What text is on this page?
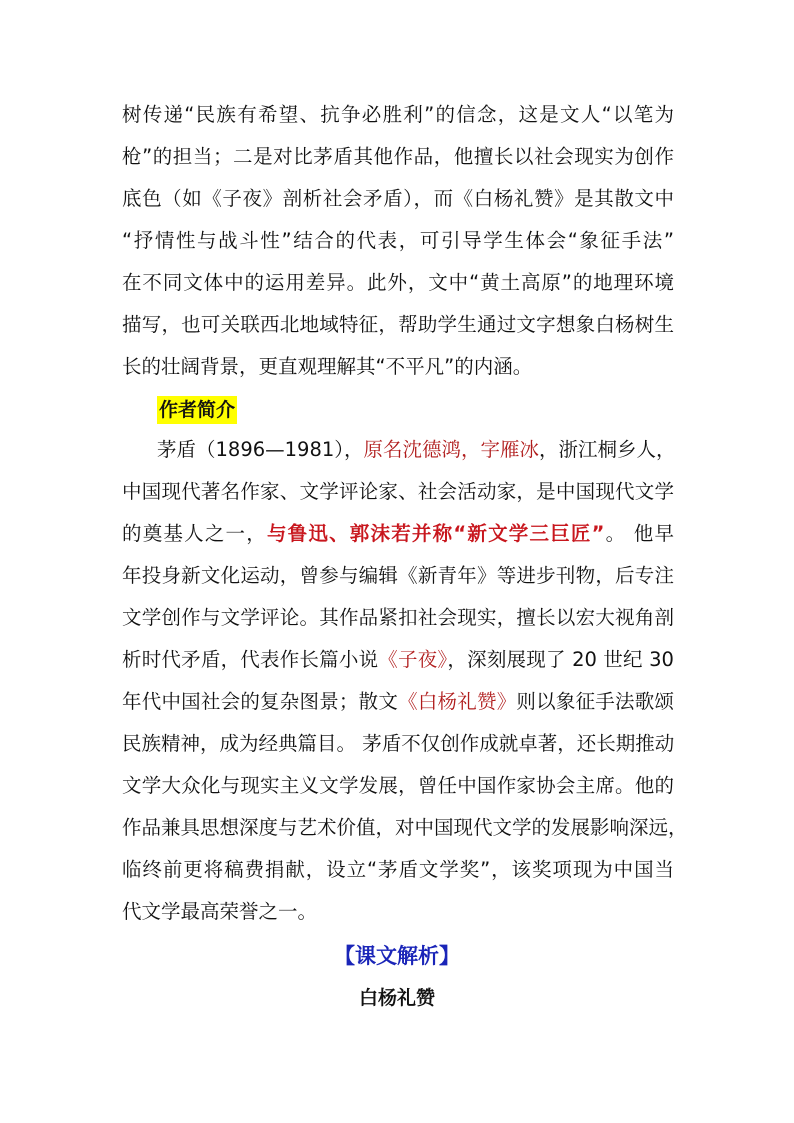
树传递“民族有希望、抗争必胜利”的信念，这是文人“以笔为
枪”的担当；二是对比茅盾其他作品，他擅长以社会现实为创作
底色（如《子夜》剖析社会矛盾），而《白杨礼赞》是其散文中
“抒情性与战斗性”结合的代表，可引导学生体会“象征手法”
在不同文体中的运用差异。此外，文中“黄土高原”的地理环境
描写，也可关联西北地域特征，帮助学生通过文字想象白杨树生
长的壮阔背景，更直观理解其“不平凡”的内涵。
作者简介
茅盾（1896—1981），原名沈德鸿，字雁冰，浙江桐乡人，
中国现代著名作家、文学评论家、社会活动家，是中国现代文学
的奠基人之一，与鲁迅、郭沫若并称“新文学三巨匠”。 他早
年投身新文化运动，曾参与编辑《新青年》等进步刊物，后专注
文学创作与文学评论。其作品紧扣社会现实，擅长以宏大视角剖
析时代矛盾，代表作长篇小说《子夜》，深刻展现了 20 世纪 30
年代中国社会的复杂图景；散文《白杨礼赞》则以象征手法歌颂
民族精神，成为经典篇目。 茅盾不仅创作成就卓著，还长期推动
文学大众化与现实主义文学发展，曾任中国作家协会主席。他的
作品兼具思想深度与艺术价值，对中国现代文学的发展影响深远，
临终前更将稿费捐献，设立“茅盾文学奖”，该奖项现为中国当
代文学最高荣誉之一。
【课文解析】
白杨礼赞
